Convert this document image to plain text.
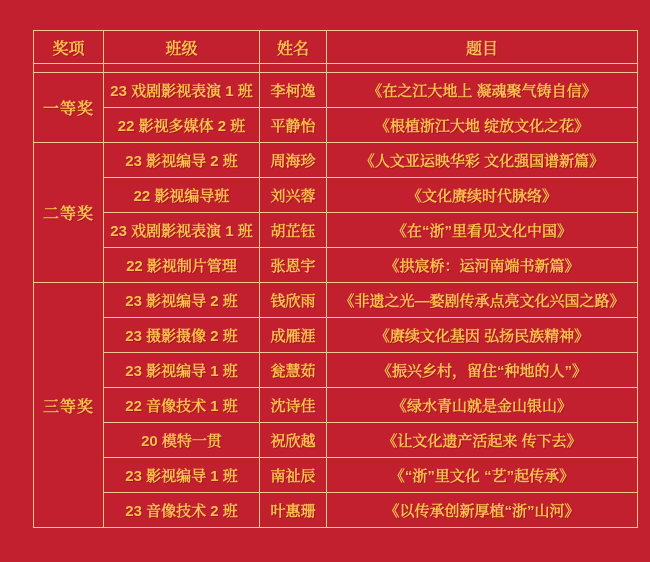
奖项	班级	姓名	题目

一等奖	23 戏剧影视表演 1 班	李柯逸	《在之江大地上 凝魂聚气铸自信》
	22 影视多媒体 2 班	平静怡	《根植浙江大地 绽放文化之花》
二等奖	23 影视编导 2 班	周海珍	《人文亚运映华彩 文化强国谱新篇》
	22 影视编导班	刘兴蓉	《文化赓续时代脉络》
	23 戏剧影视表演 1 班	胡芷钰	《在“浙”里看见文化中国》
	22 影视制片管理	张恩宇	《拱宸桥：运河南端书新篇》
三等奖	23 影视编导 2 班	钱欣雨	《非遗之光—婺剧传承点亮文化兴国之路》
	23 摄影摄像 2 班	成雁涯	《赓续文化基因 弘扬民族精神》
	23 影视编导 1 班	瓮慧茹	《振兴乡村，留住“种地的人”》
	22 音像技术 1 班	沈诗佳	《绿水青山就是金山银山》
	20 模特一贯	祝欣越	《让文化遗产活起来 传下去》
	23 影视编导 1 班	南祉辰	《“浙”里文化 “艺”起传承》
	23 音像技术 2 班	叶惠珊	《以传承创新厚植“浙”山河》
